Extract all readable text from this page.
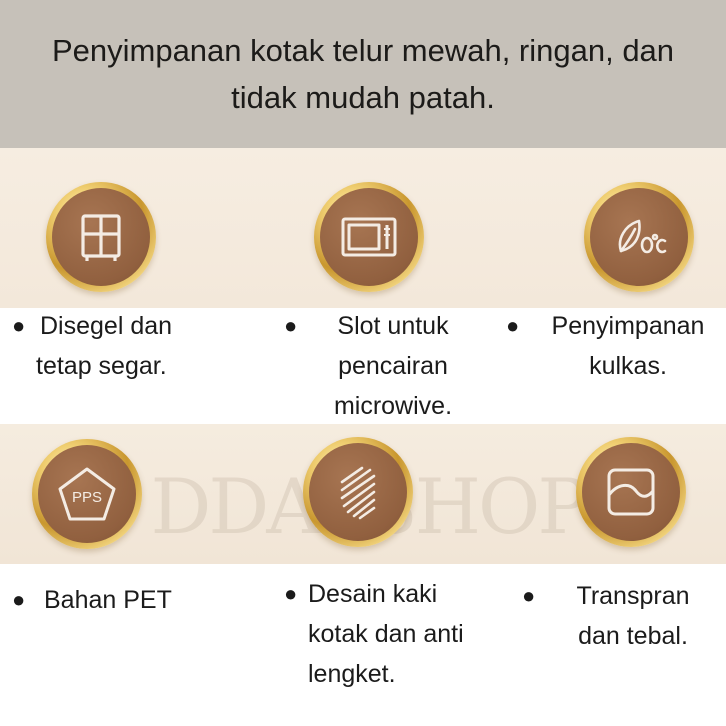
Penyimpanan kotak telur mewah, ringan, dan tidak mudah patah.
● Disegel dan
tetap segar.
●	Slot untuk
pencairan
microwive.
●	Penyimpanan
kulkas.
PPS
● Bahan PET	● Desain kaki
kotak dan anti
lengket.
●	Transpran
dan tebal.
